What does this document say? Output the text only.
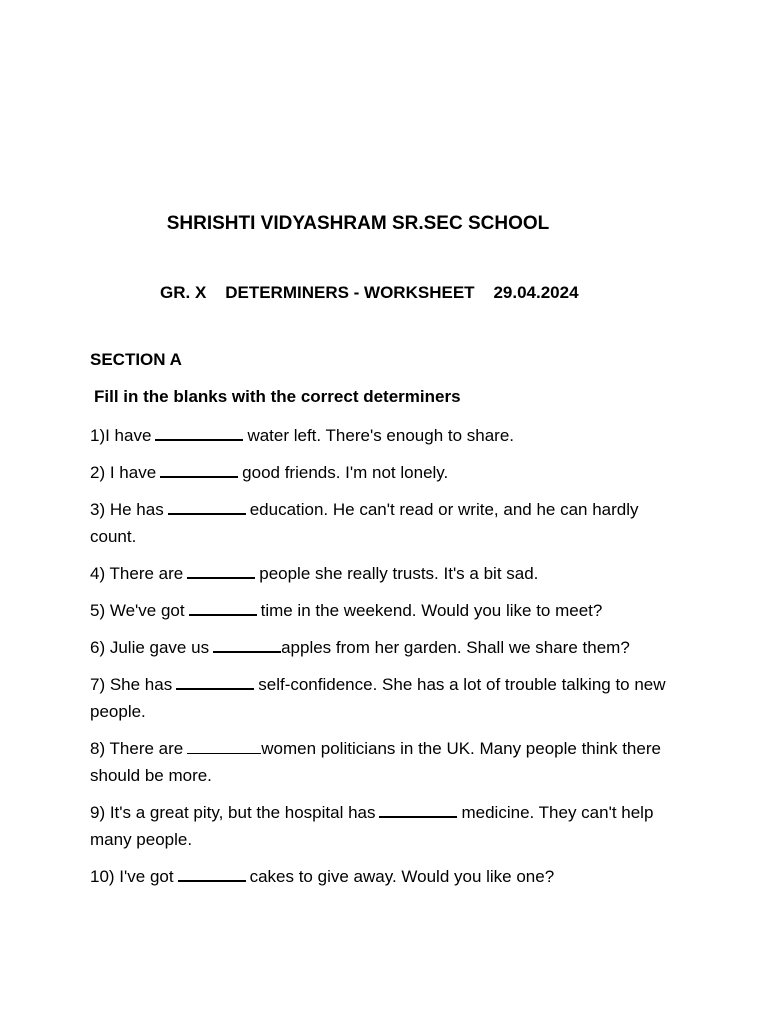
SHRISHTI VIDYASHRAM SR.SEC SCHOOL
GR. X DETERMINERS - WORKSHEET 29.04.2024
SECTION A
Fill in the blanks with the correct determiners
1)I have	water left. There's enough to share.
2) I have	good friends. I'm not lonely.
3) He has	education. He can't read or write, and he can hardly count.
4) There are	people she really trusts. It's a bit sad.
5) We've got	time in the weekend. Would you like to meet?
6) Julie gave us	apples from her garden. Shall we share them?
7) She has	self-confidence. She has a lot of trouble talking to new people.
8) There are	women politicians in the UK. Many people think there should be more.
9) It's a great pity, but the hospital has	medicine. They can't help many people.
10) I've got	cakes to give away. Would you like one?
